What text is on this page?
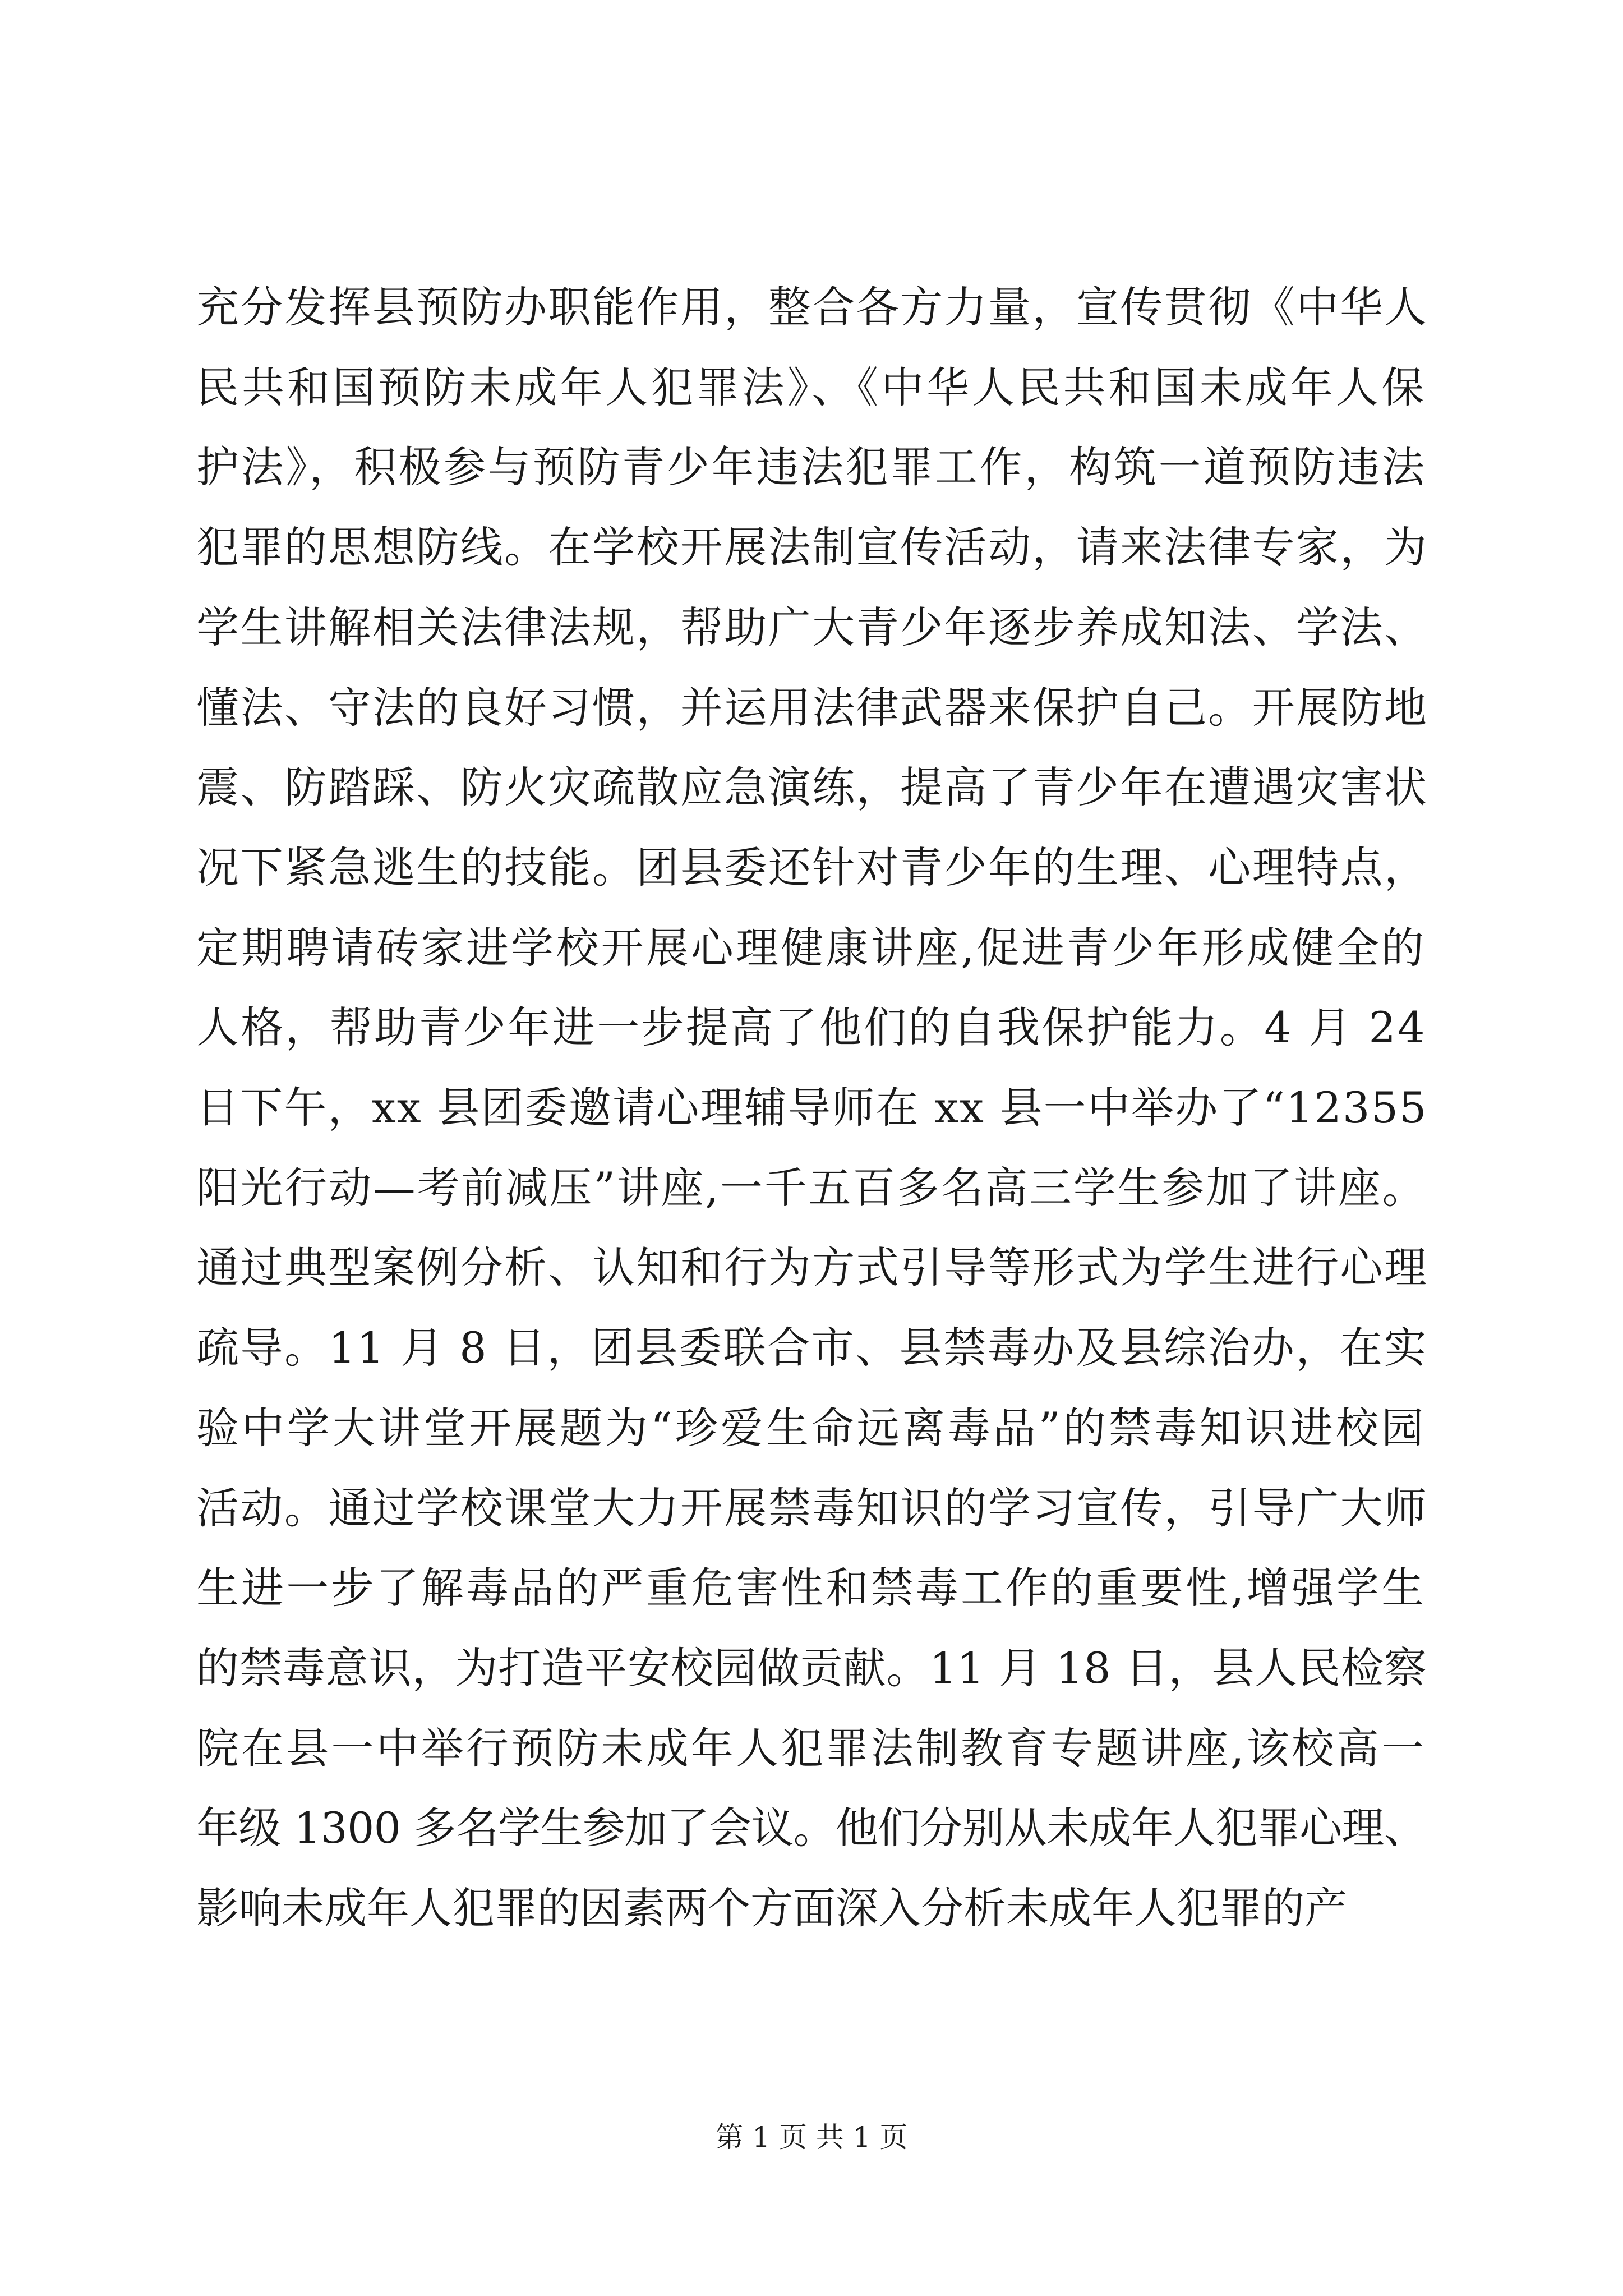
充分发挥县预防办职能作用，整合各方力量，宣传贯彻《中华人
民共和国预防未成年人犯罪法》、《中华人民共和国未成年人保
护法》，积极参与预防青少年违法犯罪工作，构筑一道预防违法
犯罪的思想防线。在学校开展法制宣传活动，请来法律专家，为
学生讲解相关法律法规，帮助广大青少年逐步养成知法、学法、
懂法、守法的良好习惯，并运用法律武器来保护自己。开展防地
震、防踏踩、防火灾疏散应急演练，提高了青少年在遭遇灾害状
况下紧急逃生的技能。团县委还针对青少年的生理、心理特点，
定期聘请砖家进学校开展心理健康讲座,促进青少年形成健全的
人格，帮助青少年进一步提高了他们的自我保护能力。4 月 24
日下午，xx 县团委邀请心理辅导师在 xx 县一中举办了“12355
阳光行动—考前减压”讲座,一千五百多名高三学生参加了讲座。
通过典型案例分析、认知和行为方式引导等形式为学生进行心理
疏导。11 月 8 日，团县委联合市、县禁毒办及县综治办，在实
验中学大讲堂开展题为“珍爱生命远离毒品”的禁毒知识进校园
活动。通过学校课堂大力开展禁毒知识的学习宣传，引导广大师
生进一步了解毒品的严重危害性和禁毒工作的重要性,增强学生
的禁毒意识，为打造平安校园做贡献。11 月 18 日，县人民检察
院在县一中举行预防未成年人犯罪法制教育专题讲座,该校高一
年级 1300 多名学生参加了会议。他们分别从未成年人犯罪心理、
影响未成年人犯罪的因素两个方面深入分析未成年人犯罪的产
第 1 页 共 1 页
